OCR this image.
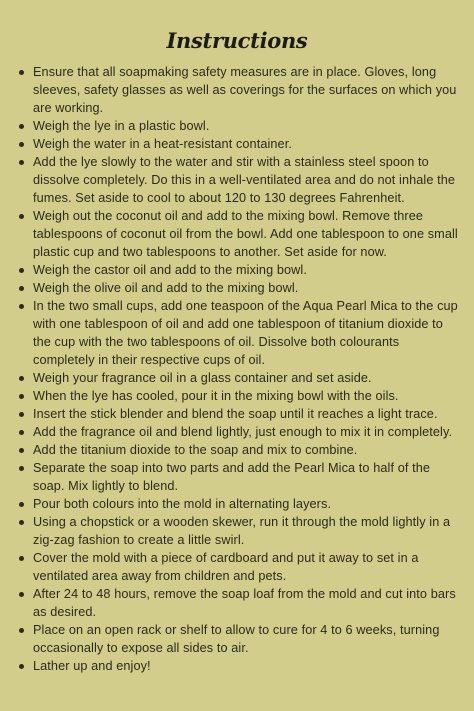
Instructions
Ensure that all soapmaking safety measures are in place. Gloves, long sleeves, safety glasses as well as coverings for the surfaces on which you are working.
Weigh the lye in a plastic bowl.
Weigh the water in a heat-resistant container.
Add the lye slowly to the water and stir with a stainless steel spoon to dissolve completely. Do this in a well-ventilated area and do not inhale the fumes. Set aside to cool to about 120 to 130 degrees Fahrenheit.
Weigh out the coconut oil and add to the mixing bowl. Remove three tablespoons of coconut oil from the bowl. Add one tablespoon to one small plastic cup and two tablespoons to another. Set aside for now.
Weigh the castor oil and add to the mixing bowl.
Weigh the olive oil and add to the mixing bowl.
In the two small cups, add one teaspoon of the Aqua Pearl Mica to the cup with one tablespoon of oil and add one tablespoon of titanium dioxide to the cup with the two tablespoons of oil. Dissolve both colourants completely in their respective cups of oil.
Weigh your fragrance oil in a glass container and set aside.
When the lye has cooled, pour it in the mixing bowl with the oils.
Insert the stick blender and blend the soap until it reaches a light trace.
Add the fragrance oil and blend lightly, just enough to mix it in completely.
Add the titanium dioxide to the soap and mix to combine.
Separate the soap into two parts and add the Pearl Mica to half of the soap. Mix lightly to blend.
Pour both colours into the mold in alternating layers.
Using a chopstick or a wooden skewer, run it through the mold lightly in a zig-zag fashion to create a little swirl.
Cover the mold with a piece of cardboard and put it away to set in a ventilated area away from children and pets.
After 24 to 48 hours, remove the soap loaf from the mold and cut into bars as desired.
Place on an open rack or shelf to allow to cure for 4 to 6 weeks, turning occasionally to expose all sides to air.
Lather up and enjoy!
